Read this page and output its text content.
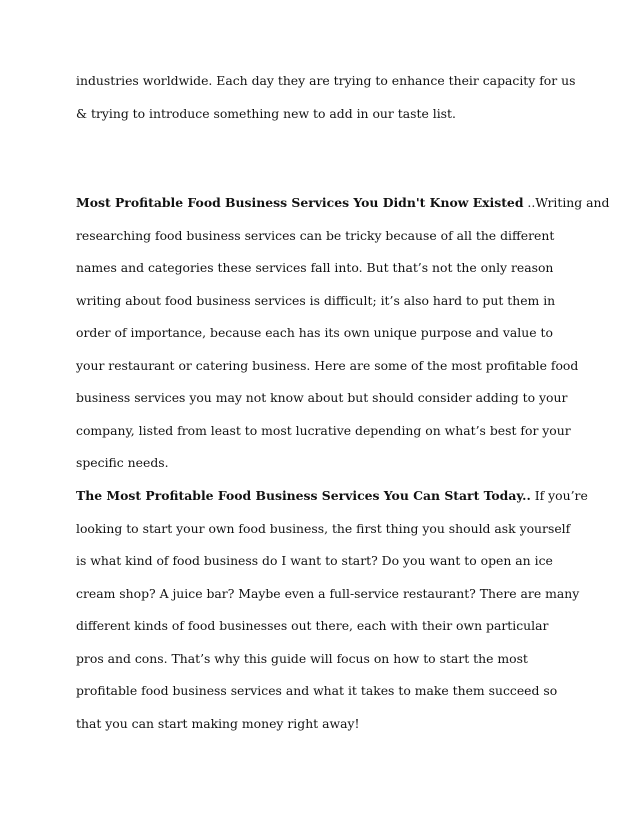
industries worldwide. Each day they are trying to enhance their capacity for us
& trying to introduce something new to add in our taste list.
Most Profitable Food Business Services You Didn't Know Existed ..Writing and
researching food business services can be tricky because of all the different
names and categories these services fall into. But that’s not the only reason
writing about food business services is difficult; it’s also hard to put them in
order of importance, because each has its own unique purpose and value to
your restaurant or catering business. Here are some of the most profitable food
business services you may not know about but should consider adding to your
company, listed from least to most lucrative depending on what’s best for your
specific needs.
The Most Profitable Food Business Services You Can Start Today.. If you’re
looking to start your own food business, the first thing you should ask yourself
is what kind of food business do I want to start? Do you want to open an ice
cream shop? A juice bar? Maybe even a full-service restaurant? There are many
different kinds of food businesses out there, each with their own particular
pros and cons. That’s why this guide will focus on how to start the most
profitable food business services and what it takes to make them succeed so
that you can start making money right away!
